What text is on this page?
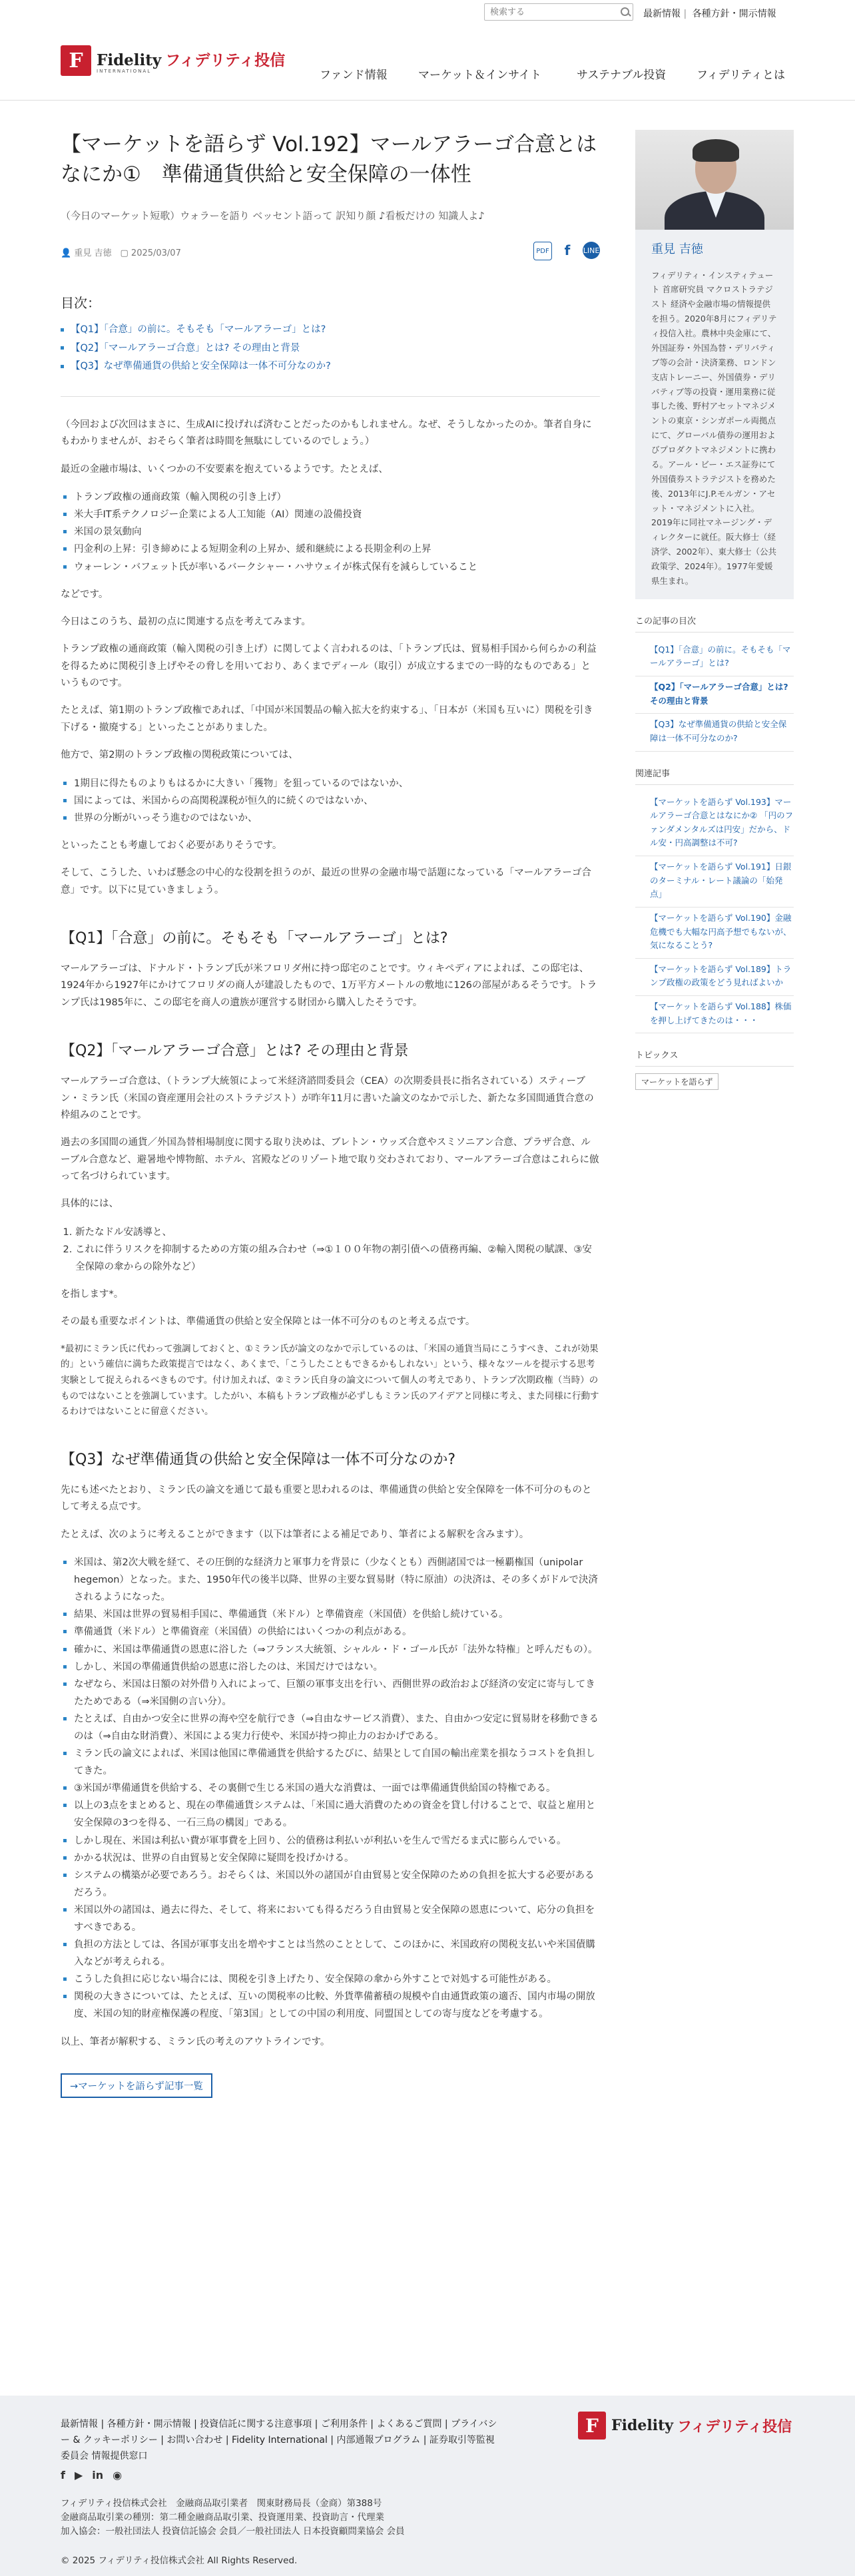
検索する
最新情報 | 各種方針・開示情報
F Fidelity フィデリティ投信
INTERNATIONAL	ファンド情報	マーケット＆インサイト	サステナブル投資	フィデリティとは
【マーケットを語らず Vol.192】マールアラーゴ合意とはなにか①　準備通貨供給と安全保障の一体性
（今日のマーケット短歌）ウォラーを語り ベッセント語って 訳知り顔 ♪看板だけの 知識人よ♪
👤 重見 吉徳　 ▢ 2025/03/07	PDF	f	LINE
目次：
【Q1】「合意」の前に。そもそも「マールアラーゴ」とは?
【Q2】「マールアラーゴ合意」とは? その理由と背景
【Q3】なぜ準備通貨の供給と安全保障は一体不可分なのか?

（今回および次回はまさに、生成AIに投げれば済むことだったのかもしれません。なぜ、そうしなかったのか。筆者自身にもわかりませんが、おそらく筆者は時間を無駄にしているのでしょう。）

最近の金融市場は、いくつかの不安要素を抱えているようです。たとえば、

トランプ政権の通商政策（輸入関税の引き上げ）
米大手IT系テクノロジー企業による人工知能（AI）関連の設備投資
米国の景気動向
円金利の上昇：引き締めによる短期金利の上昇か、緩和継続による長期金利の上昇
ウォーレン・バフェット氏が率いるバークシャー・ハサウェイが株式保有を減らしていること

などです。

今日はこのうち、最初の点に関連する点を考えてみます。

トランプ政権の通商政策（輸入関税の引き上げ）に関してよく言われるのは、「トランプ氏は、貿易相手国から何らかの利益を得るために関税引き上げやその脅しを用いており、あくまでディール（取引）が成立するまでの一時的なものである」というものです。

たとえば、第1期のトランプ政権であれば、「中国が米国製品の輸入拡大を約束する」、「日本が（米国も互いに）関税を引き下げる・撤廃する」といったことがありました。

他方で、第2期のトランプ政権の関税政策については、

1期目に得たものよりもはるかに大きい「獲物」を狙っているのではないか、
国によっては、米国からの高関税課税が恒久的に続くのではないか、
世界の分断がいっそう進むのではないか、

といったことも考慮しておく必要がありそうです。

そして、こうした、いわば懸念の中心的な役割を担うのが、最近の世界の金融市場で話題になっている「マールアラーゴ合意」です。以下に見ていきましょう。

【Q1】「合意」の前に。そもそも「マールアラーゴ」とは?

マールアラーゴは、ドナルド・トランプ氏が米フロリダ州に持つ邸宅のことです。ウィキペディアによれば、この邸宅は、1924年から1927年にかけてフロリダの商人が建設したもので、1万平方メートルの敷地に126の部屋があるそうです。トランプ氏は1985年に、この邸宅を商人の遺族が運営する財団から購入したそうです。

【Q2】「マールアラーゴ合意」とは? その理由と背景

マールアラーゴ合意は、（トランプ大統領によって米経済諮問委員会（CEA）の次期委員長に指名されている）スティーブン・ミラン氏（米国の資産運用会社のストラテジスト）が昨年11月に書いた論文のなかで示した、新たな多国間通貨合意の枠組みのことです。

過去の多国間の通貨／外国為替相場制度に関する取り決めは、ブレトン・ウッズ合意やスミソニアン合意、プラザ合意、ルーブル合意など、避暑地や博物館、ホテル、宮殿などのリゾート地で取り交わされており、マールアラーゴ合意はこれらに倣って名づけられています。

具体的には、

1. 新たなドル安誘導と、
2. これに伴うリスクを抑制するための方策の組み合わせ（⇒①１００年物の割引債への債務再編、②輸入関税の賦課、③安全保障の傘からの除外など）

を指します*。

その最も重要なポイントは、準備通貨の供給と安全保障とは一体不可分のものと考える点です。

*最初にミラン氏に代わって強調しておくと、①ミラン氏が論文のなかで示しているのは、「米国の通貨当局にこうすべき、これが効果的」という確信に満ちた政策提言ではなく、あくまで、「こうしたこともできるかもしれない」という、様々なツールを提示する思考実験として捉えられるべきものです。付け加えれば、②ミラン氏自身の論文について個人の考えであり、トランプ次期政権（当時）のものではないことを強調しています。したがい、本稿もトランプ政権が必ずしもミラン氏のアイデアと同様に考え、また同様に行動するわけではないことに留意ください。

【Q3】なぜ準備通貨の供給と安全保障は一体不可分なのか?

先にも述べたとおり、ミラン氏の論文を通じて最も重要と思われるのは、準備通貨の供給と安全保障を一体不可分のものとして考える点です。

たとえば、次のように考えることができます（以下は筆者による補足であり、筆者による解釈を含みます）。

米国は、第2次大戦を経て、その圧倒的な経済力と軍事力を背景に（少なくとも）西側諸国では一極覇権国（unipolar hegemon）となった。また、1950年代の後半以降、世界の主要な貿易財（特に原油）の決済は、その多くがドルで決済されるようになった。
結果、米国は世界の貿易相手国に、準備通貨（米ドル）と準備資産（米国債）を供給し続けている。
準備通貨（米ドル）と準備資産（米国債）の供給にはいくつかの利点がある。
確かに、米国は準備通貨の恩恵に浴した（⇒フランス大統領、シャルル・ド・ゴール氏が「法外な特権」と呼んだもの）。
しかし、米国の準備通貨供給の恩恵に浴したのは、米国だけではない。
なぜなら、米国は日額の対外借り入れによって、巨額の軍事支出を行い、西側世界の政治および経済の安定に寄与してきたためである（⇒米国側の言い分）。
たとえば、自由かつ安全に世界の海や空を航行でき（⇒自由なサービス消費）、また、自由かつ安定に貿易財を移動できるのは（⇒自由な財消費）、米国による実力行使や、米国が持つ抑止力のおかげである。
ミラン氏の論文によれば、米国は他国に準備通貨を供給するたびに、結果として自国の輸出産業を損なうコストを負担してきた。
③米国が準備通貨を供給する、その裏側で生じる米国の過大な消費は、一面では準備通貨供給国の特権である。
以上の3点をまとめると、現在の準備通貨システムは、「米国に過大消費のための資金を貸し付けることで、収益と雇用と安全保障の3つを得る、一石三鳥の構図」である。
しかし現在、米国は利払い費が軍事費を上回り、公的債務は利払いが利払いを生んで雪だるま式に膨らんでいる。
かかる状況は、世界の自由貿易と安全保障に疑問を投げかける。
システムの構築が必要であろう。おそらくは、米国以外の諸国が自由貿易と安全保障のための負担を拡大する必要があるだろう。
米国以外の諸国は、過去に得た、そして、将来においても得るだろう自由貿易と安全保障の恩恵について、応分の負担をすべきである。
負担の方法としては、各国が軍事支出を増やすことは当然のこととして、このほかに、米国政府の関税支払いや米国債購入などが考えられる。
こうした負担に応じない場合には、関税を引き上げたり、安全保障の傘から外すことで対処する可能性がある。
関税の大きさについては、たとえば、互いの関税率の比較、外貨準備蓄積の規模や自由通貨政策の適否、国内市場の開放度、米国の知的財産権保護の程度、「第3国」としての中国の利用度、同盟国としての寄与度などを考慮する。

以上、筆者が解釈する、ミラン氏の考えのアウトラインです。

→マーケットを語らず記事一覧
重見 吉徳
フィデリティ・インスティテュート 首席研究員 マクロストラテジスト 経済や金融市場の情報提供を担う。2020年8月にフィデリティ投信入社。農林中央金庫にて、外国証券・外国為替・デリバティブ等の会計・決済業務、ロンドン支店トレーニー、外国債券・デリバティブ等の投資・運用業務に従事した後、野村アセットマネジメントの東京・シンガポール両拠点にて、グローバル債券の運用およびプロダクトマネジメントに携わる。アール・ビー・エス証券にて外国債券ストラテジストを務めた後、2013年にJ.P.モルガン・アセット・マネジメントに入社。2019年に同社マネージング・ディレクターに就任。阪大修士（経済学、2002年）、東大修士（公共政策学、2024年）。1977年愛媛県生まれ。
この記事の目次
【Q1】「合意」の前に。そもそも「マールアラーゴ」とは?
【Q2】「マールアラーゴ合意」とは? その理由と背景
【Q3】なぜ準備通貨の供給と安全保障は一体不可分なのか?
関連記事
【マーケットを語らず Vol.193】マールアラーゴ合意とはなにか② 「円のファンダメンタルズは円安」だから、ドル安・円高調整は不可?
【マーケットを語らず Vol.191】日銀のターミナル・レート議論の「始発点」
【マーケットを語らず Vol.190】金融危機でも大幅な円高予想でもないが、気になることう?
【マーケットを語らず Vol.189】トランプ政権の政策をどう見ればよいか
【マーケットを語らず Vol.188】株価を押し上げてきたのは・・・
トピックス
マーケットを語らず
最新情報 | 各種方針・開示情報 | 投資信託に関する注意事項 | ご利用条件 | よくあるご質問 | プライバシー & クッキーポリシー | お問い合わせ | Fidelity International | 内部通報プログラム | 証券取引等監視委員会 情報提供窓口
f ▶ in ◉
フィデリティ投信株式会社　金融商品取引業者　関東財務局長（金商）第388号
金融商品取引業の種別：第二種金融商品取引業、投資運用業、投資助言・代理業
加入協会：一般社団法人 投資信託協会 会員／一般社団法人 日本投資顧問業協会 会員
© 2025 フィデリティ投信株式会社 All Rights Reserved.
F Fidelity フィデリティ投信
